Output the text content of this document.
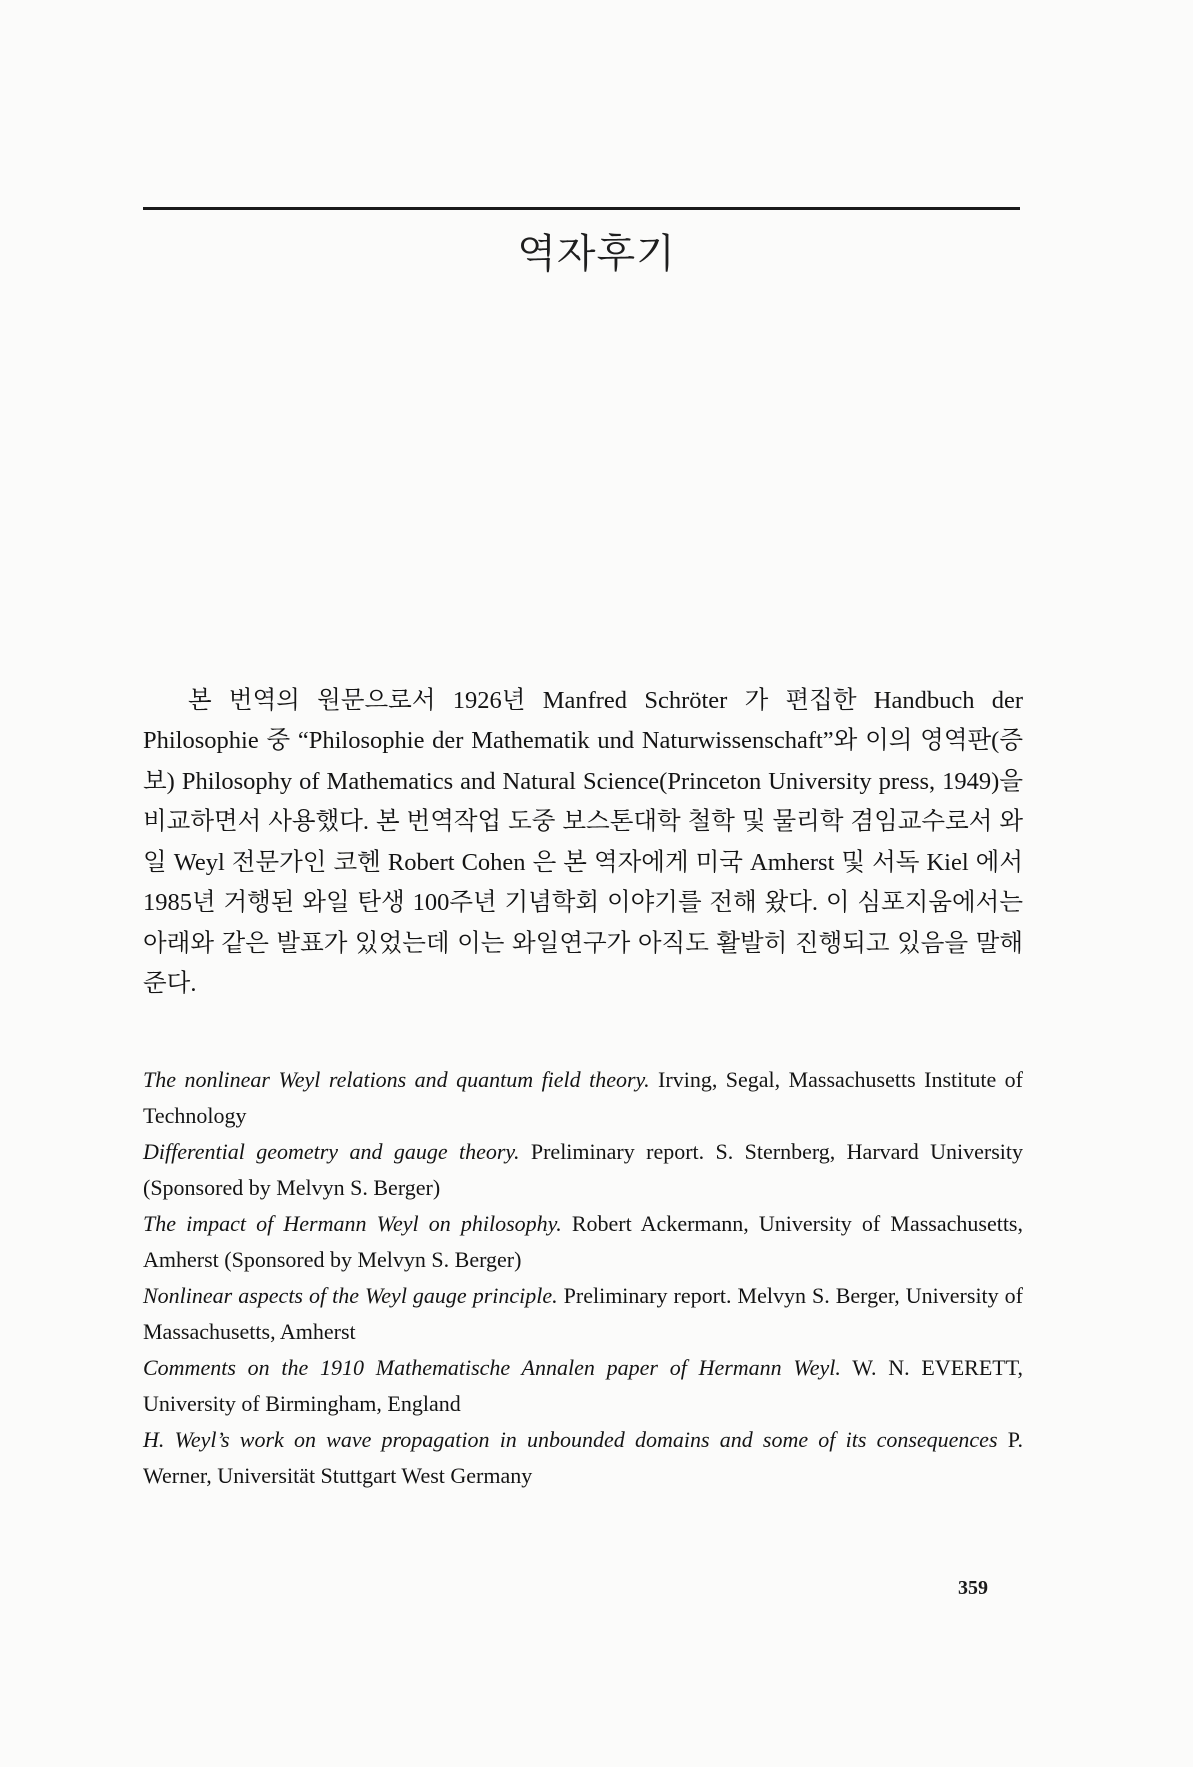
역자후기

본 번역의 원문으로서 1926년 Manfred Schröter 가 편집한 Handbuch der Philosophie 중 “Philosophie der Mathematik und Naturwissenschaft”와 이의 영역판(증보) Philosophy of Mathematics and Natural Science(Princeton University press, 1949)을 비교하면서 사용했다. 본 번역작업 도중 보스톤대학 철학 및 물리학 겸임교수로서 와일 Weyl 전문가인 코헨 Robert Cohen 은 본 역자에게 미국 Amherst 및 서독 Kiel 에서 1985년 거행된 와일 탄생 100주년 기념학회 이야기를 전해 왔다. 이 심포지움에서는 아래와 같은 발표가 있었는데 이는 와일연구가 아직도 활발히 진행되고 있음을 말해 준다.

The nonlinear Weyl relations and quantum field theory. Irving, Segal, Massachusetts Institute of Technology
Differential geometry and gauge theory. Preliminary report. S. Sternberg, Harvard University (Sponsored by Melvyn S. Berger)
The impact of Hermann Weyl on philosophy. Robert Ackermann, University of Massachusetts, Amherst (Sponsored by Melvyn S. Berger)
Nonlinear aspects of the Weyl gauge principle. Preliminary report. Melvyn S. Berger, University of Massachusetts, Amherst
Comments on the 1910 Mathematische Annalen paper of Hermann Weyl. W. N. EVERETT, University of Birmingham, England
H. Weyl’s work on wave propagation in unbounded domains and some of its consequences P. Werner, Universität Stuttgart West Germany
359
